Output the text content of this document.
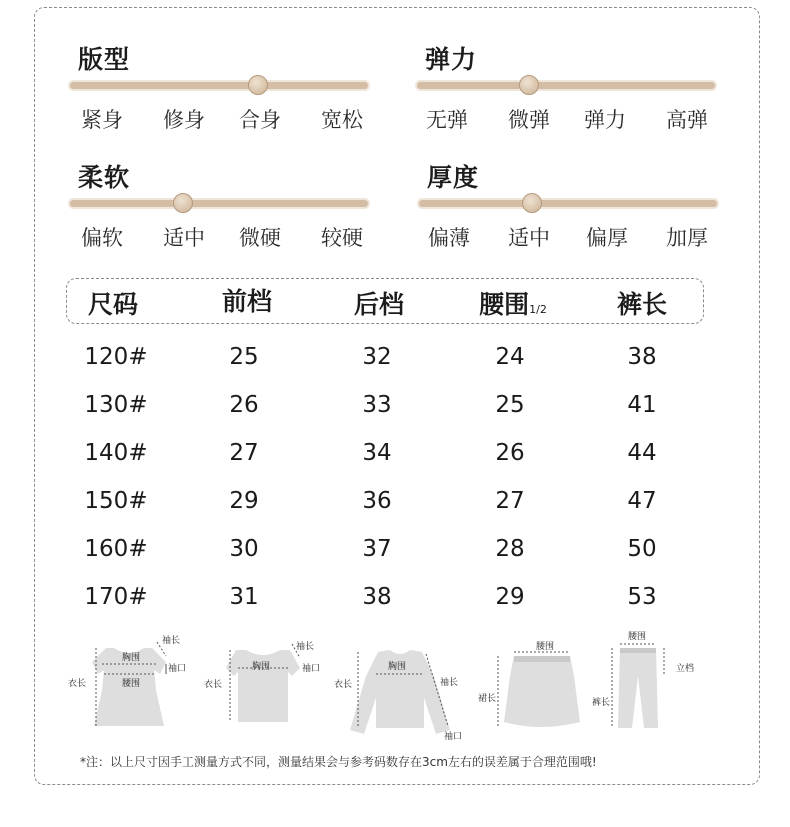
版型
紧身 修身 合身 宽松
弹力
无弹 微弹 弹力 高弹
柔软
偏软 适中 微硬 较硬
厚度
偏薄 适中 偏厚 加厚
尺码	前档	后档	腰围1/2	裤长
120#	25	32	24	38
130#	26	33	25	41
140#	27	34	26	44
150#	29	36	27	47
160#	30	37	28	50
170#	31	38	29	53
袖长
胸围
袖口
衣长	腰围
袖长
胸围	袖口
衣长
胸围
衣长	袖长
袖口
腰围
裙长
腰围
立档
裤长
*注：以上尺寸因手工测量方式不同，测量结果会与参考码数存在3cm左右的误差属于合理范围哦!
